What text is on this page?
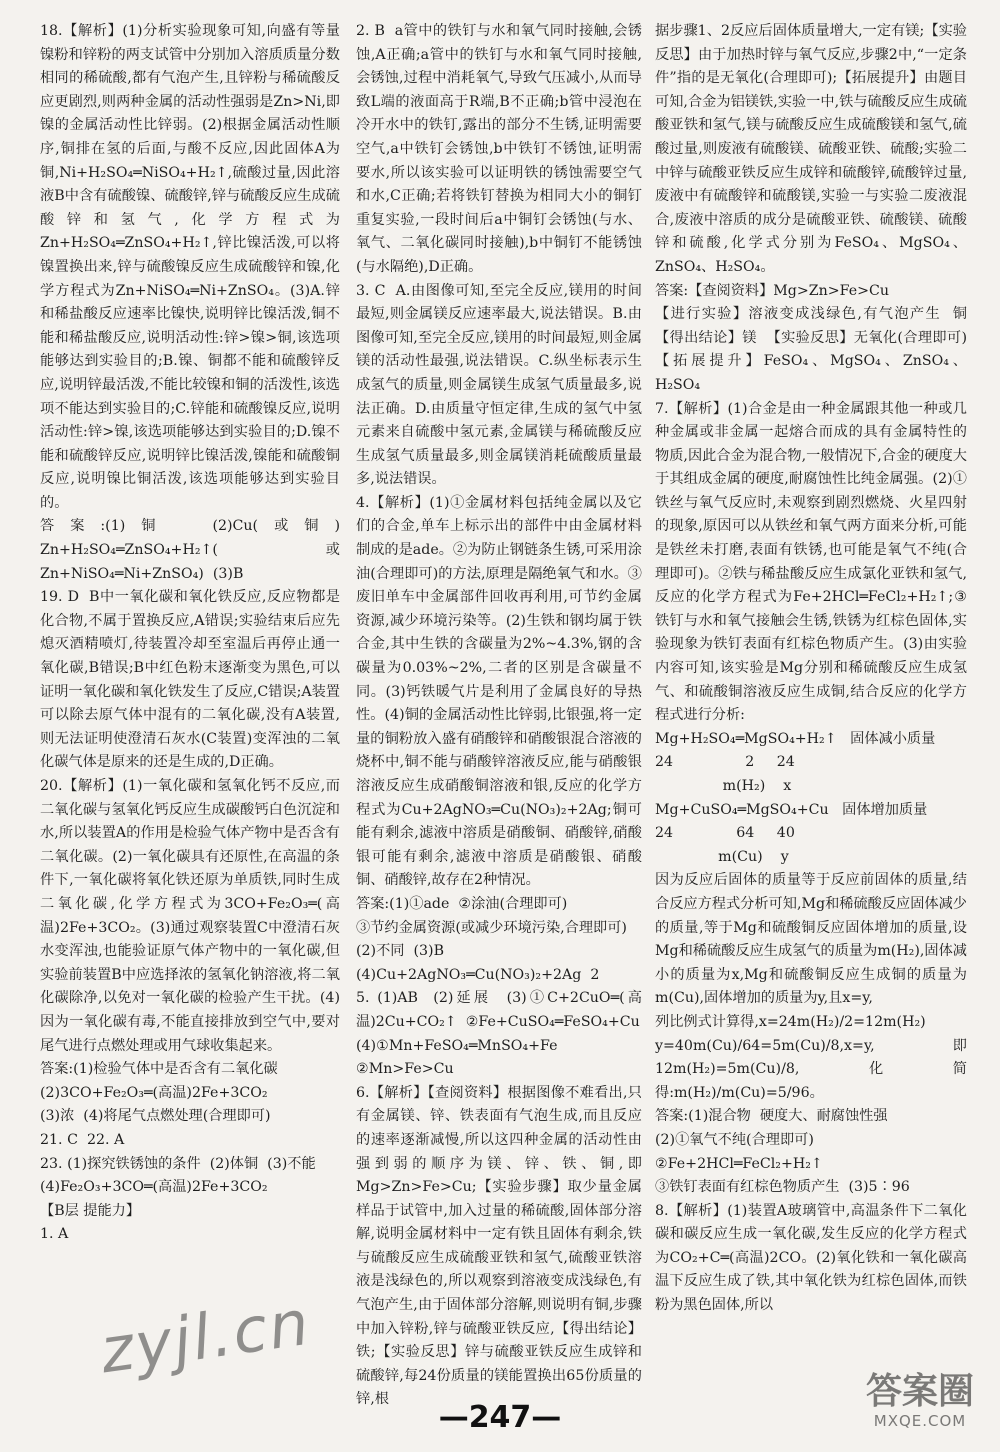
18.【解析】(1)分析实验现象可知,向盛有等量镍粉和锌粉的两支试管中分别加入溶质质量分数相同的稀硫酸,都有气泡产生,且锌粉与稀硫酸反应更剧烈,则两种金属的活动性强弱是Zn>Ni,即镍的金属活动性比锌弱。(2)根据金属活动性顺序,铜排在氢的后面,与酸不反应,因此固体A为铜,Ni+H₂SO₄═NiSO₄+H₂↑,硫酸过量,因此溶液B中含有硫酸镍、硫酸锌,锌与硫酸反应生成硫酸锌和氢气,化学方程式为Zn+H₂SO₄═ZnSO₄+H₂↑,锌比镍活泼,可以将镍置换出来,锌与硫酸镍反应生成硫酸锌和镍,化学方程式为Zn+NiSO₄═Ni+ZnSO₄。(3)A.锌和稀盐酸反应速率比镍快,说明锌比镍活泼,铜不能和稀盐酸反应,说明活动性:锌>镍>铜,该选项能够达到实验目的;B.镍、铜都不能和硫酸锌反应,说明锌最活泼,不能比较镍和铜的活泼性,该选项不能达到实验目的;C.锌能和硫酸镍反应,说明活动性:锌>镍,该选项能够达到实验目的;D.镍不能和硫酸锌反应,说明锌比镍活泼,镍能和硫酸铜反应,说明镍比铜活泼,该选项能够达到实验目的。

答案:(1)铜  (2)Cu(或铜)  Zn+H₂SO₄═ZnSO₄+H₂↑(或Zn+NiSO₄═Ni+ZnSO₄)  (3)B

19. D  B中一氧化碳和氧化铁反应,反应物都是化合物,不属于置换反应,A错误;实验结束后应先熄灭酒精喷灯,待装置冷却至室温后再停止通一氧化碳,B错误;B中红色粉末逐渐变为黑色,可以证明一氧化碳和氧化铁发生了反应,C错误;A装置可以除去原气体中混有的二氧化碳,没有A装置,则无法证明使澄清石灰水(C装置)变浑浊的二氧化碳气体是原来的还是生成的,D正确。

20.【解析】(1)一氧化碳和氢氧化钙不反应,而二氧化碳与氢氧化钙反应生成碳酸钙白色沉淀和水,所以装置A的作用是检验气体产物中是否含有二氧化碳。(2)一氧化碳具有还原性,在高温的条件下,一氧化碳将氧化铁还原为单质铁,同时生成二氧化碳,化学方程式为3CO+Fe₂O₃═(高温)2Fe+3CO₂。(3)通过观察装置C中澄清石灰水变浑浊,也能验证原气体产物中的一氧化碳,但实验前装置B中应选择浓的氢氧化钠溶液,将二氧化碳除净,以免对一氧化碳的检验产生干扰。(4)因为一氧化碳有毒,不能直接排放到空气中,要对尾气进行点燃处理或用气球收集起来。

答案:(1)检验气体中是否含有二氧化碳

(2)3CO+Fe₂O₃═(高温)2Fe+3CO₂

(3)浓  (4)将尾气点燃处理(合理即可)

21. C  22. A

23. (1)探究铁锈蚀的条件  (2)体铜  (3)不能

(4)Fe₂O₃+3CO═(高温)2Fe+3CO₂

【B层 提能力】

1. A

2. B  a管中的铁钉与水和氧气同时接触,会锈蚀,A正确;a管中的铁钉与水和氧气同时接触,会锈蚀,过程中消耗氧气,导致气压减小,从而导致L端的液面高于R端,B不正确;b管中浸泡在冷开水中的铁钉,露出的部分不生锈,证明需要空气,a中铁钉会锈蚀,b中铁钉不锈蚀,证明需要水,所以该实验可以证明铁的锈蚀需要空气和水,C正确;若将铁钉替换为相同大小的铜钉重复实验,一段时间后a中铜钉会锈蚀(与水、氧气、二氧化碳同时接触),b中铜钉不能锈蚀(与水隔绝),D正确。

3. C  A.由图像可知,至完全反应,镁用的时间最短,则金属镁反应速率最大,说法错误。B.由图像可知,至完全反应,镁用的时间最短,则金属镁的活动性最强,说法错误。C.纵坐标表示生成氢气的质量,则金属镁生成氢气质量最多,说法正确。D.由质量守恒定律,生成的氢气中氢元素来自硫酸中氢元素,金属镁与稀硫酸反应生成氢气质量最多,则金属镁消耗硫酸质量最多,说法错误。

4.【解析】(1)①金属材料包括纯金属以及它们的合金,单车上标示出的部件中由金属材料制成的是ade。②为防止钢链条生锈,可采用涂油(合理即可)的方法,原理是隔绝氧气和水。③废旧单车中金属部件回收再利用,可节约金属资源,减少环境污染等。(2)生铁和钢均属于铁合金,其中生铁的含碳量为2%~4.3%,钢的含碳量为0.03%~2%,二者的区别是含碳量不同。(3)钙铁暖气片是利用了金属良好的导热性。(4)铜的金属活动性比锌弱,比银强,将一定量的铜粉放入盛有硝酸锌和硝酸银混合溶液的烧杯中,铜不能与硝酸锌溶液反应,能与硝酸银溶液反应生成硝酸铜溶液和银,反应的化学方程式为Cu+2AgNO₃═Cu(NO₃)₂+2Ag;铜可能有剩余,滤液中溶质是硝酸铜、硝酸锌,硝酸银可能有剩余,滤液中溶质是硝酸银、硝酸铜、硝酸锌,故存在2种情况。

答案:(1)①ade  ②涂油(合理即可)

③节约金属资源(或减少环境污染,合理即可)

(2)不同  (3)B

(4)Cu+2AgNO₃═Cu(NO₃)₂+2Ag  2

5. (1)AB  (2)延展  (3)①C+2CuO═(高温)2Cu+CO₂↑  ②Fe+CuSO₄═FeSO₄+Cu

(4)①Mn+FeSO₄═MnSO₄+Fe

②Mn>Fe>Cu

6.【解析】【查阅资料】根据图像不难看出,只有金属镁、锌、铁表面有气泡生成,而且反应的速率逐渐减慢,所以这四种金属的活动性由强到弱的顺序为镁、锌、铁、铜,即Mg>Zn>Fe>Cu;【实验步骤】取少量金属样品于试管中,加入过量的稀硫酸,固体部分溶解,说明金属材料中一定有铁且固体有剩余,铁与硫酸反应生成硫酸亚铁和氢气,硫酸亚铁溶液是浅绿色的,所以观察到溶液变成浅绿色,有气泡产生,由于固体部分溶解,则说明有铜,步骤中加入锌粉,锌与硫酸亚铁反应,【得出结论】铁;【实验反思】锌与硫酸亚铁反应生成锌和硫酸锌,每24份质量的镁能置换出65份质量的锌,根

据步骤1、2反应后固体质量增大,一定有镁;【实验反思】由于加热时锌与氧气反应,步骤2中,“一定条件”指的是无氧化(合理即可);【拓展提升】由题目可知,合金为铝镁铁,实验一中,铁与硫酸反应生成硫酸亚铁和氢气,镁与硫酸反应生成硫酸镁和氢气,硫酸过量,则废液有硫酸镁、硫酸亚铁、硫酸;实验二中锌与硫酸亚铁反应生成锌和硫酸锌,硫酸锌过量,废液中有硫酸锌和硫酸镁,实验一与实验二废液混合,废液中溶质的成分是硫酸亚铁、硫酸镁、硫酸锌和硫酸,化学式分别为FeSO₄、MgSO₄、ZnSO₄、H₂SO₄。

答案:【查阅资料】Mg>Zn>Fe>Cu

【进行实验】溶液变成浅绿色,有气泡产生  铜  【得出结论】镁  【实验反思】无氧化(合理即可)  【拓展提升】FeSO₄、MgSO₄、ZnSO₄、H₂SO₄

7.【解析】(1)合金是由一种金属跟其他一种或几种金属或非金属一起熔合而成的具有金属特性的物质,因此合金为混合物,一般情况下,合金的硬度大于其组成金属的硬度,耐腐蚀性比纯金属强。(2)①铁丝与氧气反应时,未观察到剧烈燃烧、火星四射的现象,原因可以从铁丝和氧气两方面来分析,可能是铁丝未打磨,表面有铁锈,也可能是氧气不纯(合理即可)。②铁与稀盐酸反应生成氯化亚铁和氢气,反应的化学方程式为Fe+2HCl═FeCl₂+H₂↑;③铁钉与水和氧气接触会生锈,铁锈为红棕色固体,实验现象为铁钉表面有红棕色物质产生。(3)由实验内容可知,该实验是Mg分别和稀硫酸反应生成氢气、和硫酸铜溶液反应生成铜,结合反应的化学方程式进行分析:

Mg+H₂SO₄═MgSO₄+H₂↑   固体减小质量

24                2     24

m(H₂)    x

Mg+CuSO₄═MgSO₄+Cu   固体增加质量

24              64     40

m(Cu)    y

因为反应后固体的质量等于反应前固体的质量,结合反应方程式分析可知,Mg和稀硫酸反应固体减少的质量,等于Mg和硫酸铜反应固体增加的质量,设Mg和稀硫酸反应生成氢气的质量为m(H₂),固体减小的质量为x,Mg和硫酸铜反应生成铜的质量为m(Cu),固体增加的质量为y,且x=y,

列比例式计算得,x=24m(H₂)/2=12m(H₂)

y=40m(Cu)/64=5m(Cu)/8,x=y,即12m(H₂)=5m(Cu)/8,化简得:m(H₂)/m(Cu)=5/96。

答案:(1)混合物  硬度大、耐腐蚀性强

(2)①氧气不纯(合理即可)

②Fe+2HCl═FeCl₂+H₂↑

③铁钉表面有红棕色物质产生  (3)5∶96

8.【解析】(1)装置A玻璃管中,高温条件下二氧化碳和碳反应生成一氧化碳,发生反应的化学方程式为CO₂+C═(高温)2CO。(2)氧化铁和一氧化碳高温下反应生成了铁,其中氧化铁为红棕色固体,而铁粉为黑色固体,所以

zyjl.cn
—247—
答案圈
MXQE.COM
